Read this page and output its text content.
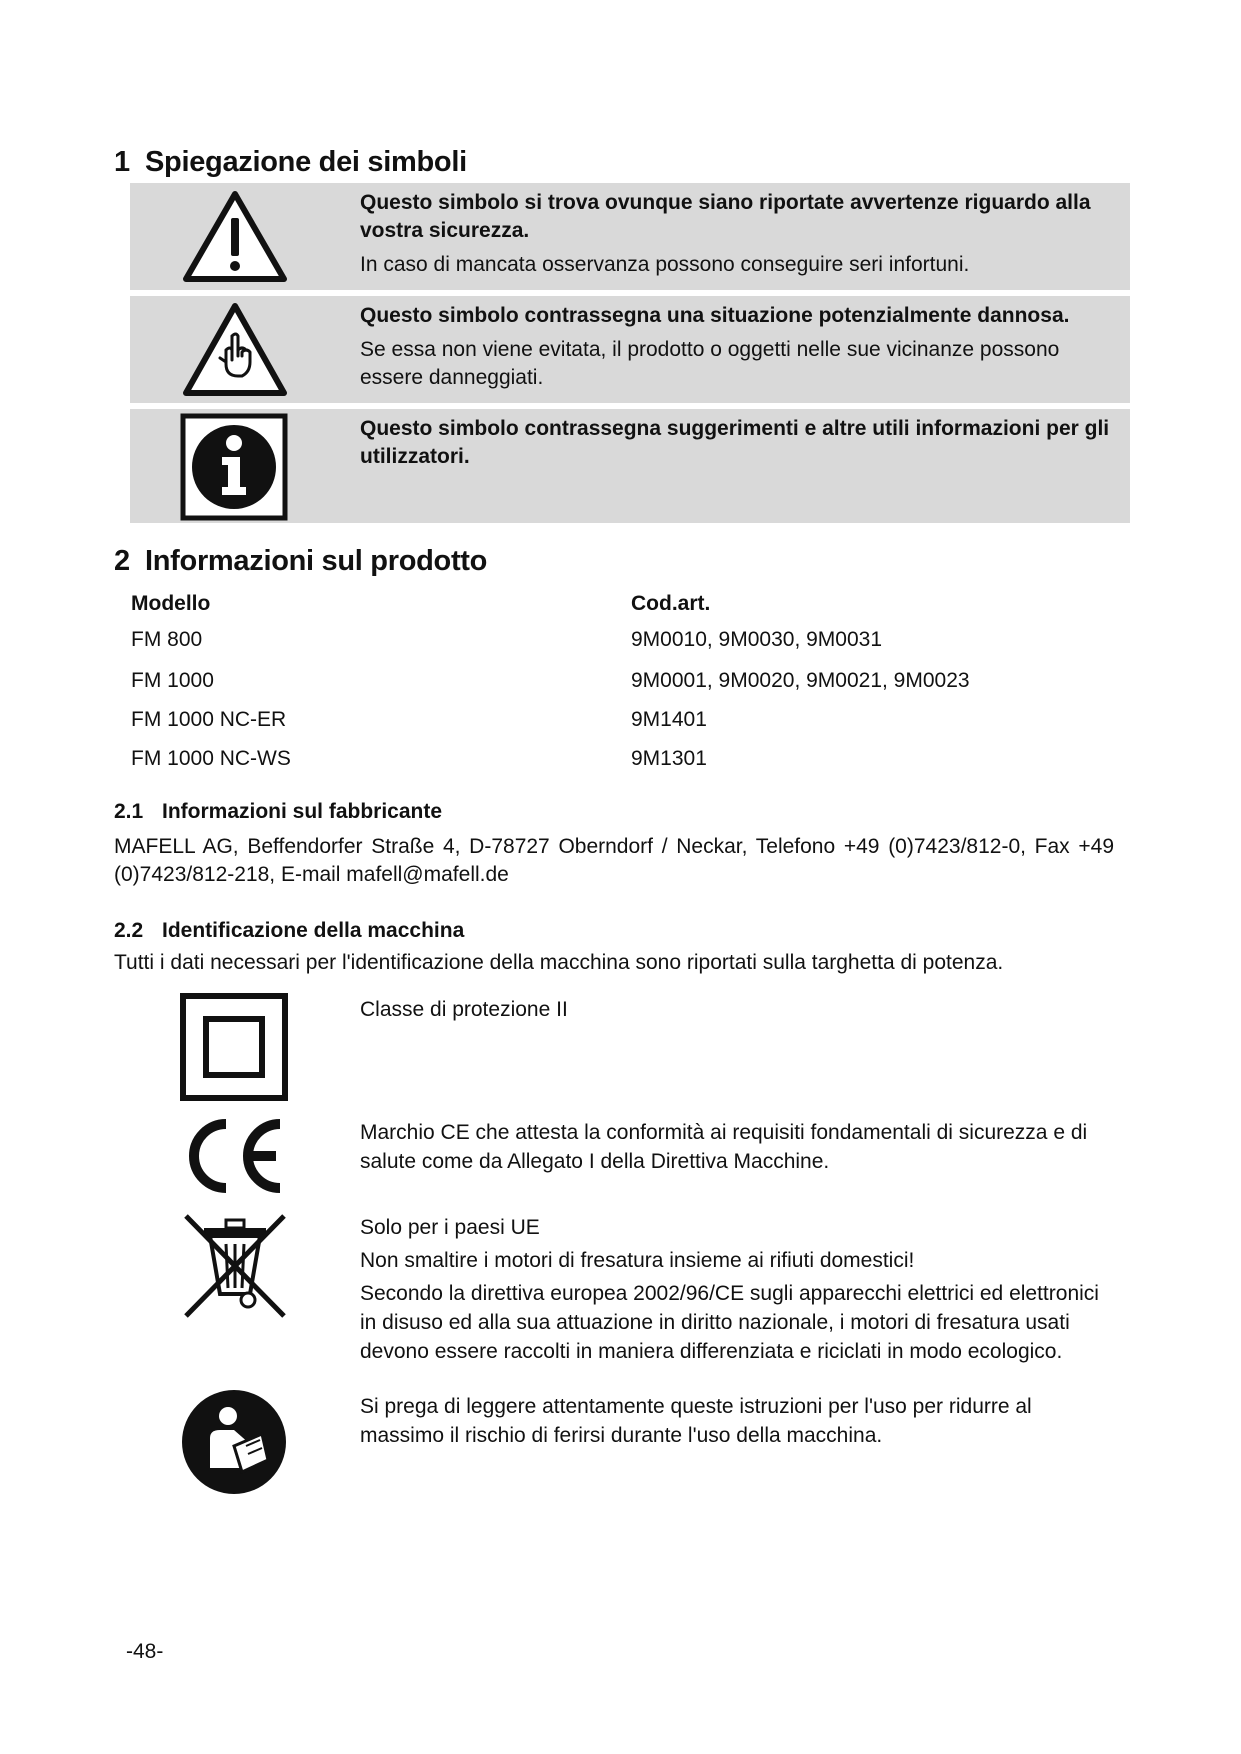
1 Spiegazione dei simboli
Questo simbolo si trova ovunque siano riportate avvertenze riguardo alla vostra sicurezza.
In caso di mancata osservanza possono conseguire seri infortuni.
Questo simbolo contrassegna una situazione potenzialmente dannosa.
Se essa non viene evitata, il prodotto o oggetti nelle sue vicinanze possono essere danneggiati.
Questo simbolo contrassegna suggerimenti e altre utili informazioni per gli utilizzatori.
2 Informazioni sul prodotto
Modello	Cod.art.
FM 800	9M0010, 9M0030, 9M0031
FM 1000	9M0001, 9M0020, 9M0021, 9M0023
FM 1000 NC-ER	9M1401
FM 1000 NC-WS	9M1301
2.1 Informazioni sul fabbricante
MAFELL AG, Beffendorfer Straße 4, D-78727 Oberndorf / Neckar, Telefono +49 (0)7423/812-0, Fax +49 (0)7423/812-218, E-mail mafell@mafell.de
2.2 Identificazione della macchina
Tutti i dati necessari per l'identificazione della macchina sono riportati sulla targhetta di potenza.
Classe di protezione II
Marchio CE che attesta la conformità ai requisiti fondamentali di sicurezza e di salute come da Allegato I della Direttiva Macchine.
Solo per i paesi UE
Non smaltire i motori di fresatura insieme ai rifiuti domestici!
Secondo la direttiva europea 2002/96/CE sugli apparecchi elettrici ed elettronici in disuso ed alla sua attuazione in diritto nazionale, i motori di fresatura usati devono essere raccolti in maniera differenziata e riciclati in modo ecologico.
Si prega di leggere attentamente queste istruzioni per l'uso per ridurre al massimo il rischio di ferirsi durante l'uso della macchina.
-48-
